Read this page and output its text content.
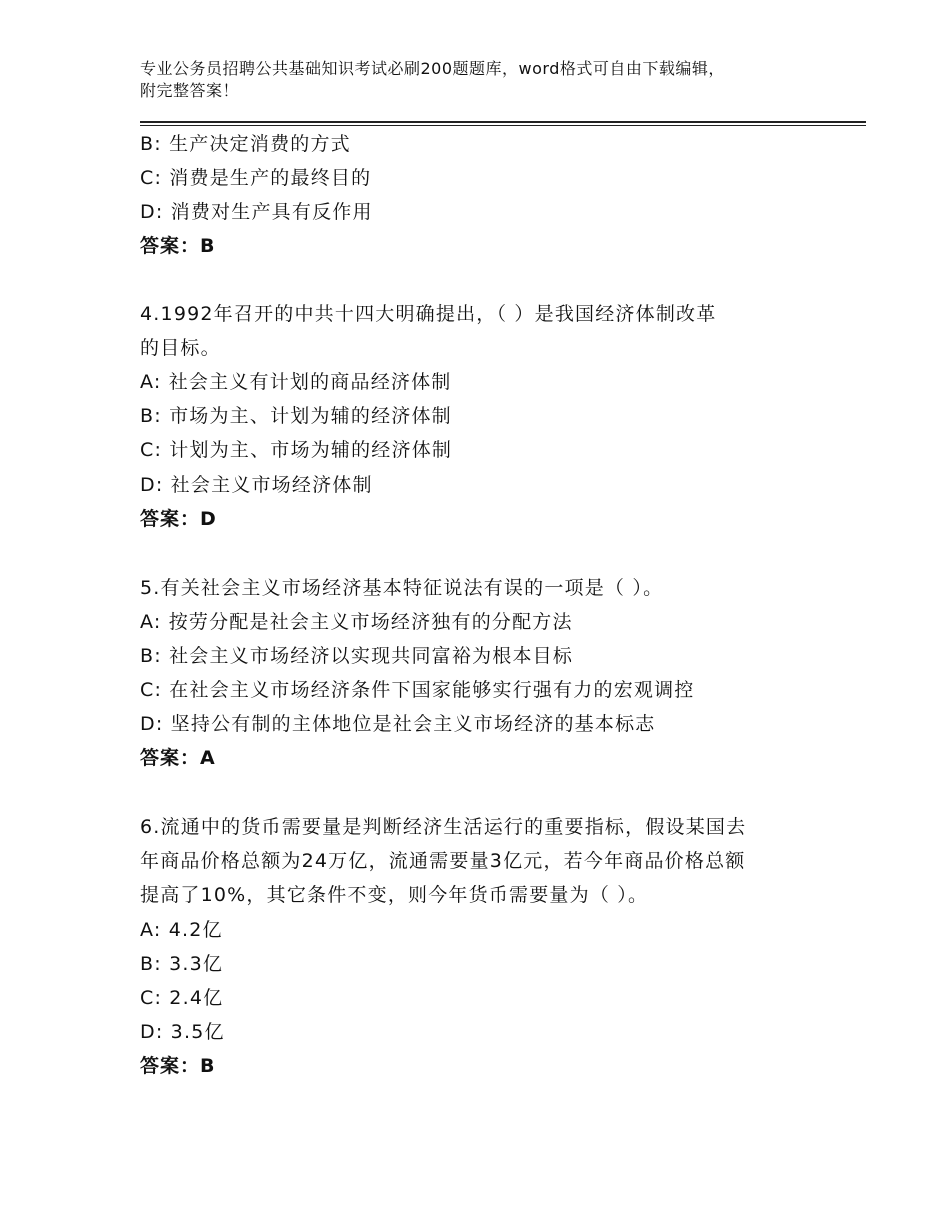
专业公务员招聘公共基础知识考试必刷200题题库，word格式可自由下载编辑，
附完整答案！
B: 生产决定消费的方式
C: 消费是生产的最终目的
D: 消费对生产具有反作用
答案：B
4.1992年召开的中共十四大明确提出，（ ）是我国经济体制改革
的目标。
A: 社会主义有计划的商品经济体制
B: 市场为主、计划为辅的经济体制
C: 计划为主、市场为辅的经济体制
D: 社会主义市场经济体制
答案：D
5.有关社会主义市场经济基本特征说法有误的一项是（ ）。
A: 按劳分配是社会主义市场经济独有的分配方法
B: 社会主义市场经济以实现共同富裕为根本目标
C: 在社会主义市场经济条件下国家能够实行强有力的宏观调控
D: 坚持公有制的主体地位是社会主义市场经济的基本标志
答案：A
6.流通中的货币需要量是判断经济生活运行的重要指标，假设某国去
年商品价格总额为24万亿，流通需要量3亿元，若今年商品价格总额
提高了10%，其它条件不变，则今年货币需要量为（ ）。
A: 4.2亿
B: 3.3亿
C: 2.4亿
D: 3.5亿
答案：B
